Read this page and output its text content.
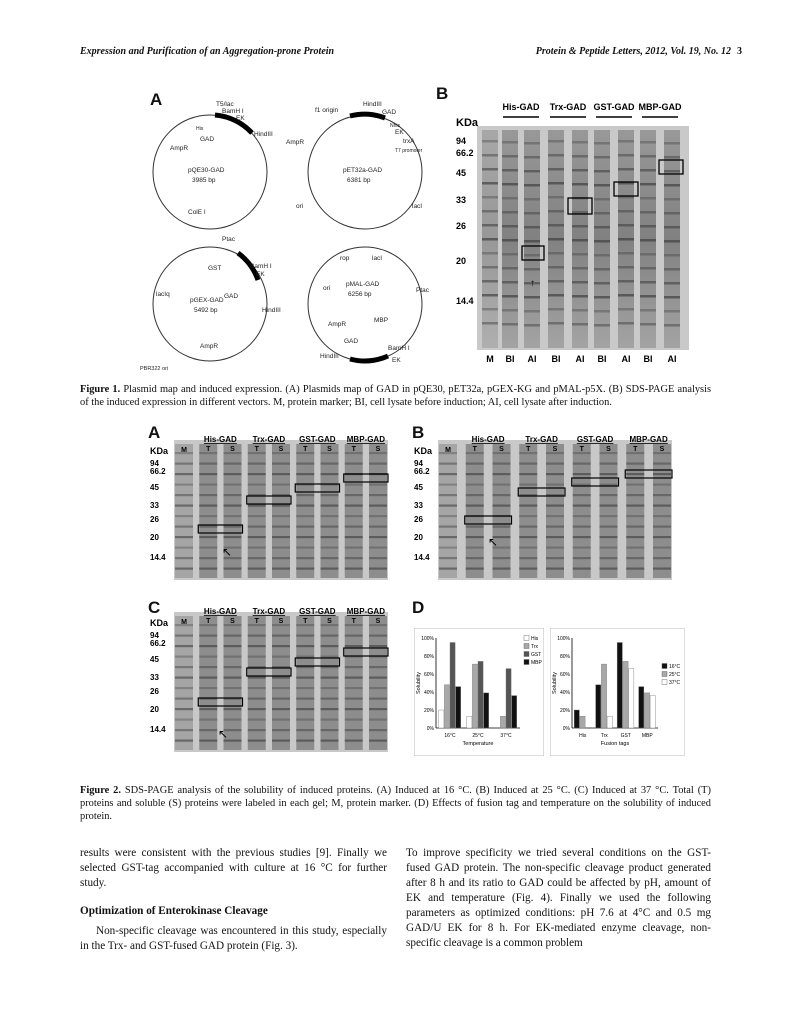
Expression and Purification of an Aggregation-prone Protein	Protein & Peptide Letters, 2012, Vol. 19, No. 12 3
A	B
pQE30-GAD
3985 bp
T5/lac
BamH I
EK
His
GAD
HindIII
AmpR
ColE I
pET32a-GAD
6381 bp
f1 origin
HindIII
GAD
Nhis
EK
trxA
T7 promoter
AmpR
ori	lacI
pGEX-GAD
5492 bp
Ptac
GST	BamH I
EK
GAD
HindIII
lacIq
AmpR
PBR322 ori
pMAL-GAD
6256 bp
rop	lacI
Ptac
ori
MBP
AmpR
GAD
HindIII
BamH I
EK
KDa
94
66.2
45
33
26
20
14.4
His-GAD Trx-GAD GST-GAD MBP-GAD
M BI AI BI AI BI AI BI AI
↑
Figure 1. Plasmid map and induced expression. (A) Plasmids map of GAD in pQE30, pET32a, pGEX-KG and pMAL-p5X. (B) SDS-PAGE analysis of the induced expression in different vectors. M, protein marker; BI, cell lysate before induction; AI, cell lysate after induction.
A	B
C	D
KDa
94
66.2
45
33
26
20
14.4
M
His-GAD
T	S
Trx-GAD
T	S
GST-GAD
T	S
MBP-GAD
T	S
↖
KDa
94
66.2
45
33
26
20
14.4
M
His-GAD
T	S
Trx-GAD
T	S
GST-GAD
T	S
MBP-GAD
T	S
↖
KDa
94
66.2
45
33
26
20
14.4
M
His-GAD
T	S
Trx-GAD
T	S
GST-GAD
T	S
MBP-GAD
T	S
↖	0%
20%
40%
60%
80%
100%
16°C	25°C	37°C
Temperature
Solubility
His
Trx
GST
MBP
0%
20%
40%
60%
80%
100%
His	Trx	GST MBP
Fusion tags
Solubility
16°C
25°C
37°C
Figure 2. SDS-PAGE analysis of the solubility of induced proteins. (A) Induced at 16 °C. (B) Induced at 25 °C. (C) Induced at 37 °C. Total (T) proteins and soluble (S) proteins were labeled in each gel; M, protein marker. (D) Effects of fusion tag and temperature on the solubility of induced protein.

results were consistent with the previous studies [9]. Finally we selected GST-tag accompanied with culture at 16 °C for further study.

Optimization of Enterokinase Cleavage

Non-specific cleavage was encountered in this study, especially in the Trx- and GST-fused GAD protein (Fig. 3).

To improve specificity we tried several conditions on the GST-fused GAD protein. The non-specific cleavage product generated after 8 h and its ratio to GAD could be affected by pH, amount of EK and temperature (Fig. 4). Finally we used the following parameters as optimized conditions: pH 7.6 at 4°C and 0.5 mg GAD/U EK for 8 h. For EK-mediated enzyme cleavage, non-specific cleavage is a common problem
